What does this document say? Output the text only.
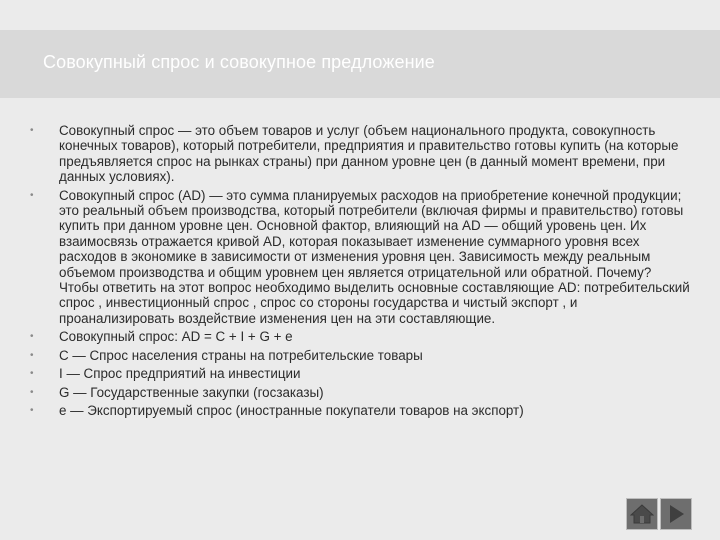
Совокупный спрос и совокупное предложение
• Совокупный спрос — это объем товаров и услуг (объем национального продукта, совокупность конечных товаров), который потребители, предприятия и правительство готовы купить (на которые предъявляется спрос на рынках страны) при данном уровне цен (в данный момент времени, при данных условиях).
• Совокупный спрос (AD) — это сумма планируемых расходов на приобретение конечной продукции; это реальный объем производства, который потребители (включая фирмы и правительство) готовы купить при данном уровне цен. Основной фактор, влияющий на AD — общий уровень цен. Их взаимосвязь отражается кривой AD, которая показывает изменение суммарного уровня всех расходов в экономике в зависимости от изменения уровня цен. Зависимость между реальным объемом производства и общим уровнем цен является отрицательной или обратной. Почему? Чтобы ответить на этот вопрос необходимо выделить основные составляющие AD: потребительский спрос , инвестиционный спрос , спрос со стороны государства и чистый экспорт , и проанализировать воздействие изменения цен на эти составляющие.
• Совокупный спрос: AD = C + I + G + e
• C — Спрос населения страны на потребительские товары
• I — Спрос предприятий на инвестиции
• G — Государственные закупки (госзаказы)
• e — Экспортируемый спрос (иностранные покупатели товаров на экспорт)
